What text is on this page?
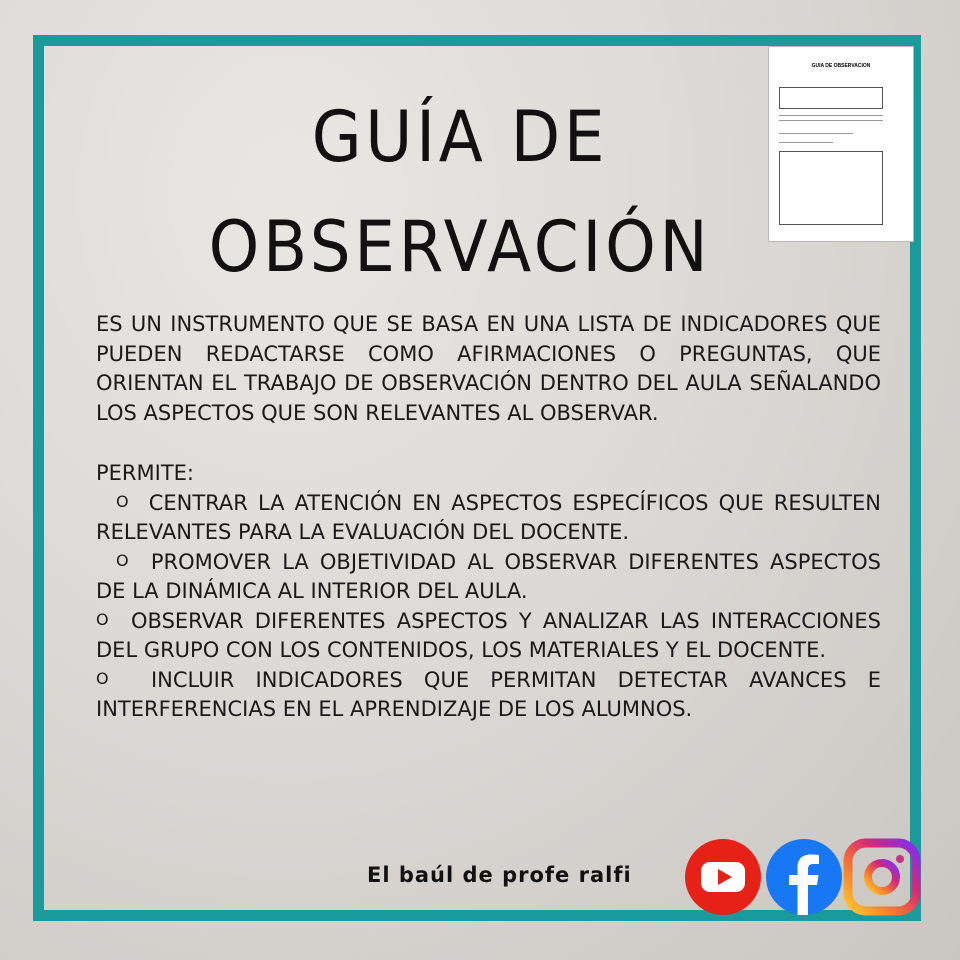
GUÍA DE
OBSERVACIÓN
GUIA DE OBSERVACION

ES UN INSTRUMENTO QUE SE BASA EN UNA LISTA DE INDICADORES QUE PUEDEN REDACTARSE COMO AFIRMACIONES O PREGUNTAS, QUE ORIENTAN EL TRABAJO DE OBSERVACIÓN DENTRO DEL AULA SEÑALANDO LOS ASPECTOS QUE SON RELEVANTES AL OBSERVAR.

PERMITE:

$^O$ CENTRAR LA ATENCIÓN EN ASPECTOS ESPECÍFICOS QUE RESULTEN RELEVANTES PARA LA EVALUACIÓN DEL DOCENTE.

$^O$ PROMOVER LA OBJETIVIDAD AL OBSERVAR DIFERENTES ASPECTOS DE LA DINÁMICA AL INTERIOR DEL AULA.

$^O$ OBSERVAR DIFERENTES ASPECTOS Y ANALIZAR LAS INTERACCIONES DEL GRUPO CON LOS CONTENIDOS, LOS MATERIALES Y EL DOCENTE.

$^O$ INCLUIR INDICADORES QUE PERMITAN DETECTAR AVANCES E INTERFERENCIAS EN EL APRENDIZAJE DE LOS ALUMNOS.

El baúl de profe ralfi
